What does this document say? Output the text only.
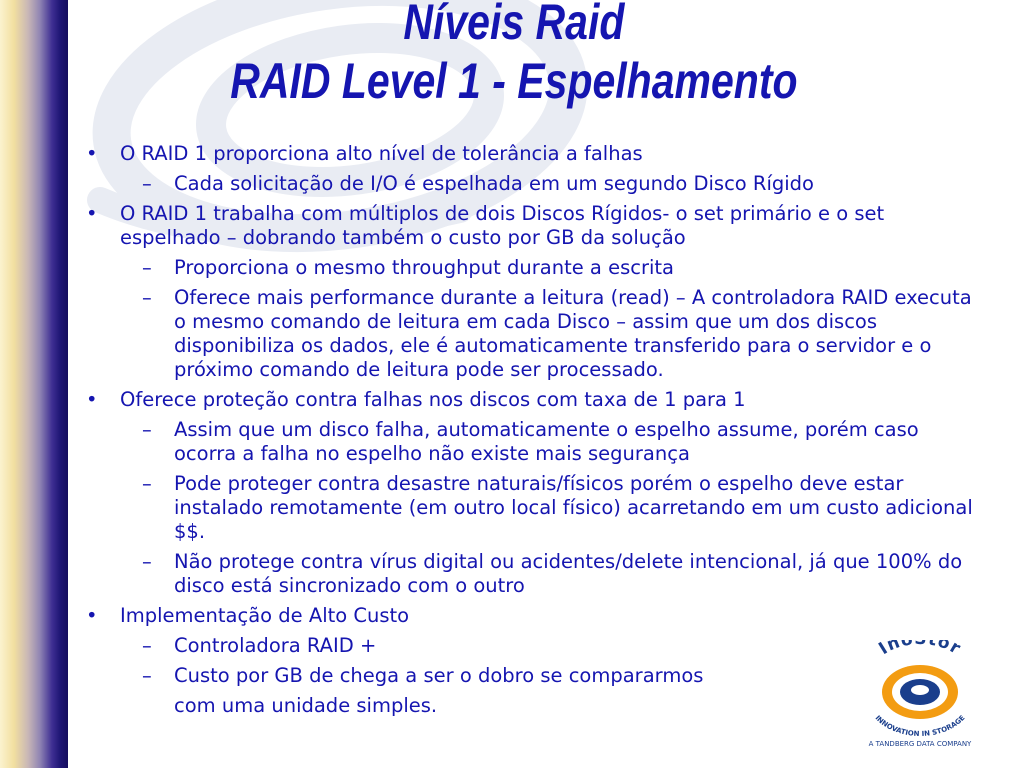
Níveis Raid
RAID Level 1 - Espelhamento
• O RAID 1 proporciona alto nível de tolerância a falhas
– Cada solicitação de I/O é espelhada em um segundo Disco Rígido
• O RAID 1 trabalha com múltiplos de dois Discos Rígidos- o set primário e o set espelhado – dobrando também o custo por GB da solução
– Proporciona o mesmo throughput durante a escrita
– Oferece mais performance durante a leitura (read) – A controladora RAID executa o mesmo comando de leitura em cada Disco – assim que um dos discos disponibiliza os dados, ele é automaticamente transferido para o servidor e o próximo comando de leitura pode ser processado.
• Oferece proteção contra falhas nos discos com taxa de 1 para 1
– Assim que um disco falha, automaticamente o espelho assume, porém caso ocorra a falha no espelho não existe mais segurança
– Pode proteger contra desastre naturais/físicos porém o espelho deve estar instalado remotamente (em outro local físico) acarretando em um custo adicional $$.
– Não protege contra vírus digital ou acidentes/delete intencional, já que 100% do disco está sincronizado com o outro
• Implementação de Alto Custo
– Controladora RAID +
– Custo por GB de chega a ser o dobro se compararmos
com uma unidade simples.
Ino tor
INNOVATION IN STORAGE
A TANDBERG DATA COMPANY
